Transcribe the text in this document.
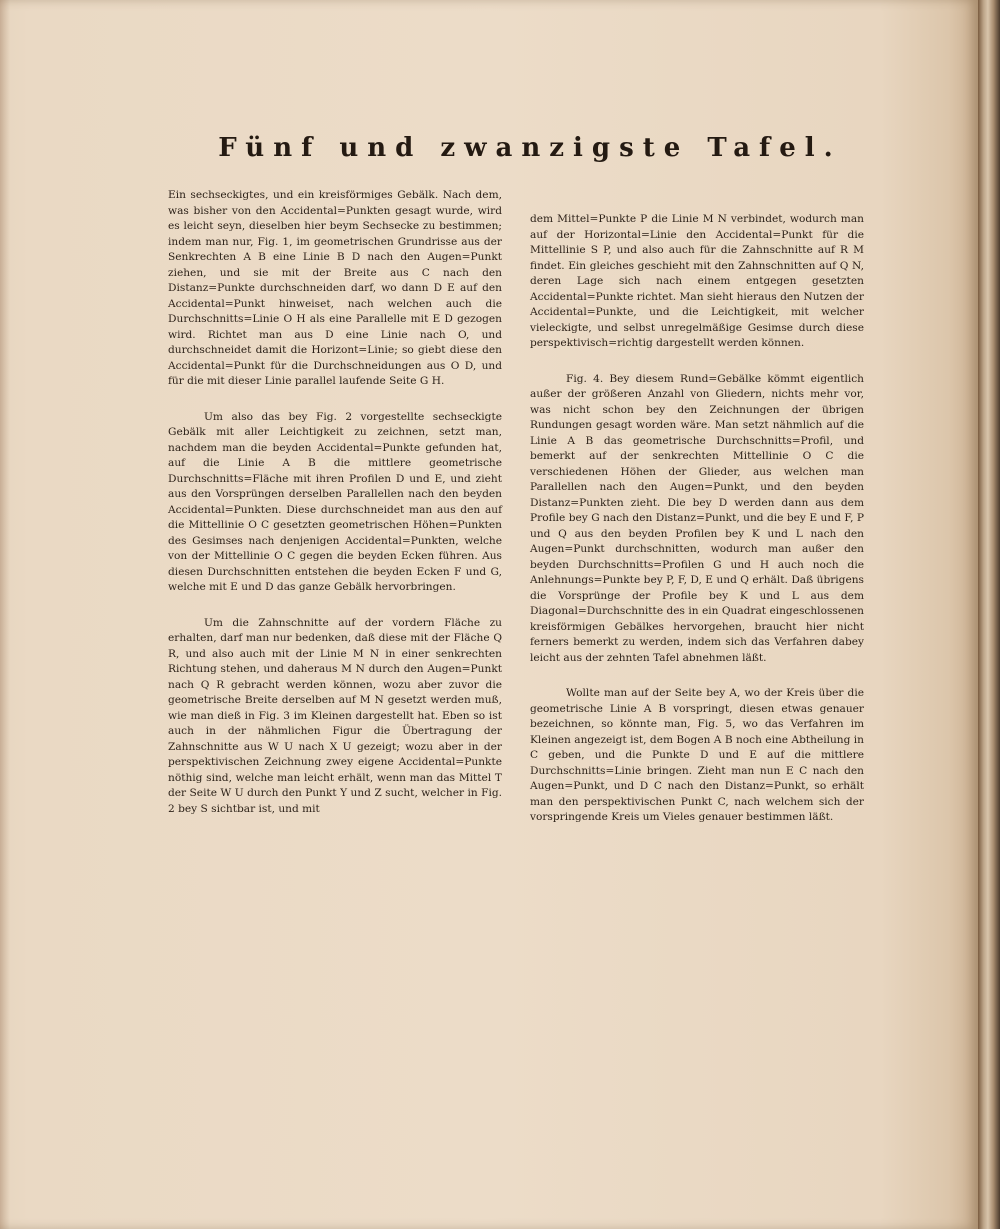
Fünf und zwanzigste Tafel.

Ein sechseckigtes, und ein kreisförmiges Gebälk. Nach dem, was bisher von den Accidental=Punkten gesagt wurde, wird es leicht seyn, dieselben hier beym Sechsecke zu bestimmen; indem man nur, Fig. 1, im geometrischen Grundrisse aus der Senkrechten A B eine Linie B D nach den Augen=Punkt ziehen, und sie mit der Breite aus C nach den Distanz=Punkte durchschneiden darf, wo dann D E auf den Accidental=Punkt hinweiset, nach welchen auch die Durchschnitts=Linie O H als eine Parallelle mit E D gezogen wird. Richtet man aus D eine Linie nach O, und durchschneidet damit die Horizont=Linie; so giebt diese den Accidental=Punkt für die Durchschneidungen aus O D, und für die mit dieser Linie parallel laufende Seite G H.

Um also das bey Fig. 2 vorgestellte sechseckigte Gebälk mit aller Leichtigkeit zu zeichnen, setzt man, nachdem man die beyden Accidental=Punkte gefunden hat, auf die Linie A B die mittlere geometrische Durchschnitts=Fläche mit ihren Profilen D und E, und zieht aus den Vorsprüngen derselben Parallellen nach den beyden Accidental=Punkten. Diese durchschneidet man aus den auf die Mittellinie O C gesetzten geometrischen Höhen=Punkten des Gesimses nach denjenigen Accidental=Punkten, welche von der Mittellinie O C gegen die beyden Ecken führen. Aus diesen Durchschnitten entstehen die beyden Ecken F und G, welche mit E und D das ganze Gebälk hervorbringen.

Um die Zahnschnitte auf der vordern Fläche zu erhalten, darf man nur bedenken, daß diese mit der Fläche Q R, und also auch mit der Linie M N in einer senkrechten Richtung stehen, und daheraus M N durch den Augen=Punkt nach Q R gebracht werden können, wozu aber zuvor die geometrische Breite derselben auf M N gesetzt werden muß, wie man dieß in Fig. 3 im Kleinen dargestellt hat. Eben so ist auch in der nähmlichen Figur die Übertragung der Zahnschnitte aus W U nach X U gezeigt; wozu aber in der perspektivischen Zeichnung zwey eigene Accidental=Punkte nöthig sind, welche man leicht erhält, wenn man das Mittel T der Seite W U durch den Punkt Y und Z sucht, welcher in Fig. 2 bey S sichtbar ist, und mit

dem Mittel=Punkte P die Linie M N verbindet, wodurch man auf der Horizontal=Linie den Accidental=Punkt für die Mittellinie S P, und also auch für die Zahnschnitte auf R M findet. Ein gleiches geschieht mit den Zahnschnitten auf Q N, deren Lage sich nach einem entgegen gesetzten Accidental=Punkte richtet. Man sieht hieraus den Nutzen der Accidental=Punkte, und die Leichtigkeit, mit welcher vieleckigte, und selbst unregelmäßige Gesimse durch diese perspektivisch=richtig dargestellt werden können.

Fig. 4. Bey diesem Rund=Gebälke kömmt eigentlich außer der größeren Anzahl von Gliedern, nichts mehr vor, was nicht schon bey den Zeichnungen der übrigen Rundungen gesagt worden wäre. Man setzt nähmlich auf die Linie A B das geometrische Durchschnitts=Profil, und bemerkt auf der senkrechten Mittellinie O C die verschiedenen Höhen der Glieder, aus welchen man Parallellen nach den Augen=Punkt, und den beyden Distanz=Punkten zieht. Die bey D werden dann aus dem Profile bey G nach den Distanz=Punkt, und die bey E und F, P und Q aus den beyden Profilen bey K und L nach den Augen=Punkt durchschnitten, wodurch man außer den beyden Durchschnitts=Profilen G und H auch noch die Anlehnungs=Punkte bey P, F, D, E und Q erhält. Daß übrigens die Vorsprünge der Profile bey K und L aus dem Diagonal=Durchschnitte des in ein Quadrat eingeschlossenen kreisförmigen Gebälkes hervorgehen, braucht hier nicht ferners bemerkt zu werden, indem sich das Verfahren dabey leicht aus der zehnten Tafel abnehmen läßt.

Wollte man auf der Seite bey A, wo der Kreis über die geometrische Linie A B vorspringt, diesen etwas genauer bezeichnen, so könnte man, Fig. 5, wo das Verfahren im Kleinen angezeigt ist, dem Bogen A B noch eine Abtheilung in C geben, und die Punkte D und E auf die mittlere Durchschnitts=Linie bringen. Zieht man nun E C nach den Augen=Punkt, und D C nach den Distanz=Punkt, so erhält man den perspektivischen Punkt C, nach welchem sich der vorspringende Kreis um Vieles genauer bestimmen läßt.
